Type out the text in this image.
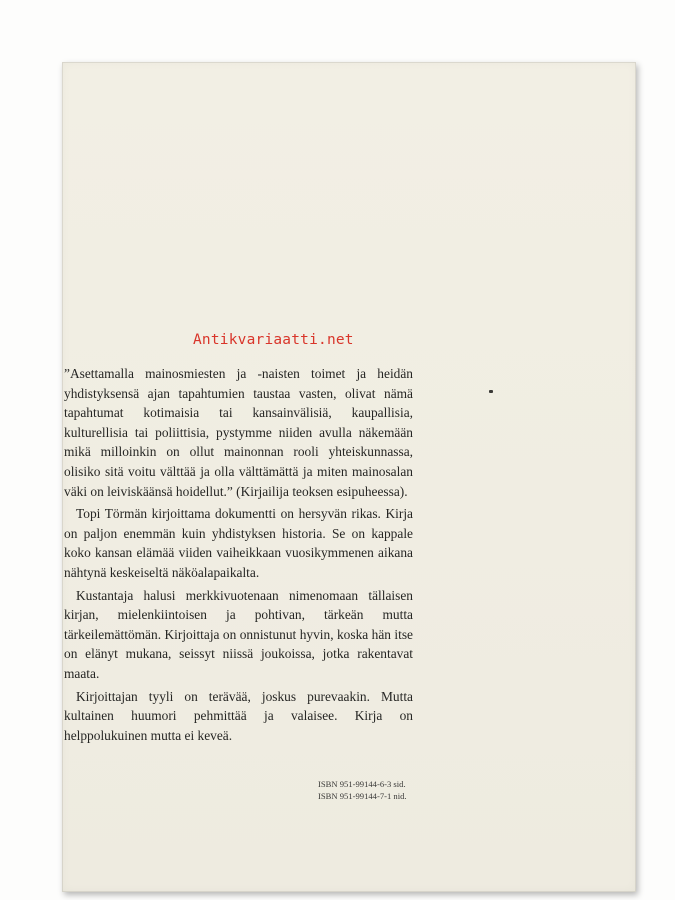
Antikvariaatti.net

”Asettamalla mainosmiesten ja -naisten toimet ja heidän yhdistyksensä ajan tapahtumien taustaa vasten, olivat nämä tapahtumat kotimaisia tai kansainvälisiä, kaupallisia, kulturellisia tai poliittisia, pystymme niiden avulla näkemään mikä milloinkin on ollut mainonnan rooli yhteiskunnassa, olisiko sitä voitu välttää ja olla välttämättä ja miten mainosalan väki on leiviskäänsä hoidellut.” (Kirjailija teoksen esipuheessa).

Topi Törmän kirjoittama dokumentti on hersyvän rikas. Kirja on paljon enemmän kuin yhdistyksen historia. Se on kappale koko kansan elämää viiden vaiheikkaan vuosikymmenen aikana nähtynä keskeiseltä näköalapaikalta.

Kustantaja halusi merkkivuotenaan nimenomaan tällaisen kirjan, mielenkiintoisen ja pohtivan, tärkeän mutta tärkeilemättömän. Kirjoittaja on onnistunut hyvin, koska hän itse on elänyt mukana, seissyt niissä joukoissa, jotka rakentavat maata.

Kirjoittajan tyyli on terävää, joskus purevaakin. Mutta kultainen huumori pehmittää ja valaisee. Kirja on helppolukuinen mutta ei keveä.

ISBN 951-99144-6-3 sid.
ISBN 951-99144-7-1 nid.
